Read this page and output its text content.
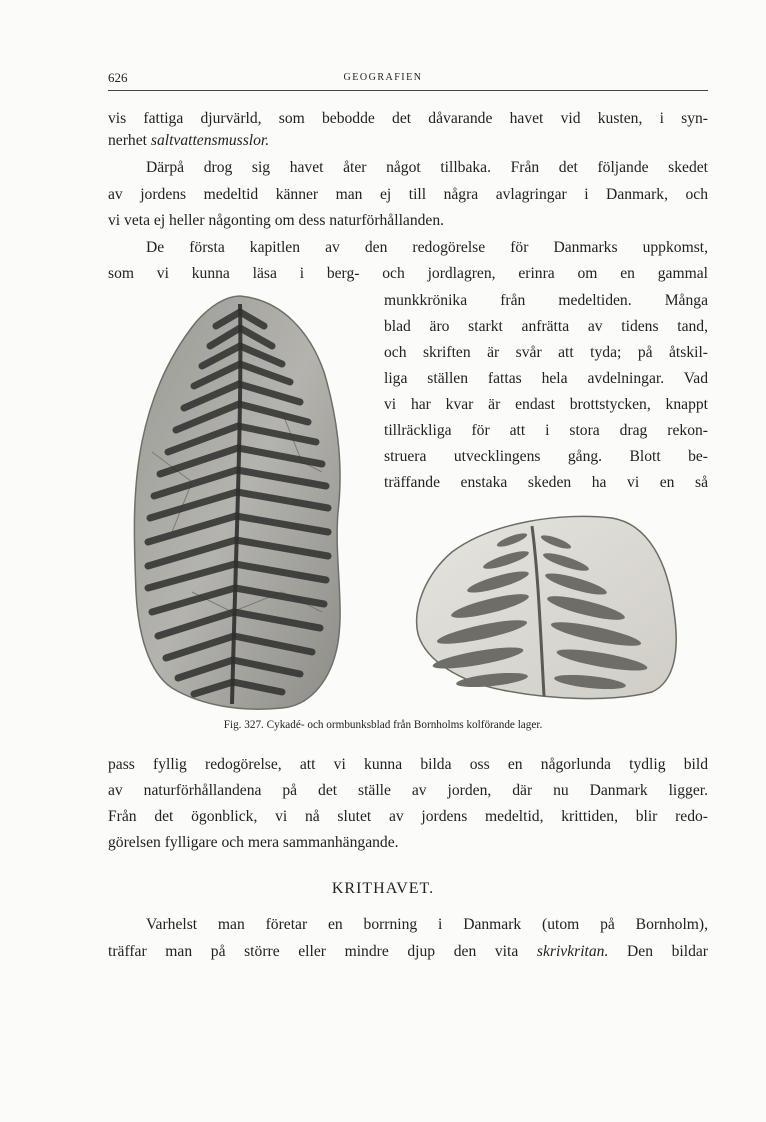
626	GEOGRAFIEN
vis fattiga djurvärld, som bebodde det dåvarande havet vid kusten, i syn-
nerhet saltvattensmusslor.
Därpå drog sig havet åter något tillbaka. Från det följande skedet
av jordens medeltid känner man ej till några avlagringar i Danmark, och
vi veta ej heller någonting om dess naturförhållanden.
De första kapitlen av den redogörelse för Danmarks uppkomst,
som vi kunna läsa i berg- och jordlagren, erinra om en gammal
munkkrönika från medeltiden. Många
blad äro starkt anfrätta av tidens tand,
och skriften är svår att tyda; på åtskil-
liga ställen fattas hela avdelningar. Vad
vi har kvar är endast brottstycken, knappt
tillräckliga för att i stora drag rekon-
struera utvecklingens gång. Blott be-
träffande enstaka skeden ha vi en så
Fig. 327. Cykadé- och ormbunksblad från Bornholms kolförande lager.
pass fyllig redogörelse, att vi kunna bilda oss en någorlunda tydlig bild
av naturförhållandena på det ställe av jorden, där nu Danmark ligger.
Från det ögonblick, vi nå slutet av jordens medeltid, krittiden, blir redo-
görelsen fylligare och mera sammanhängande.
KRITHAVET.
Varhelst man företar en borrning i Danmark (utom på Bornholm),
träffar man på större eller mindre djup den vita skrivkritan. Den bildar
